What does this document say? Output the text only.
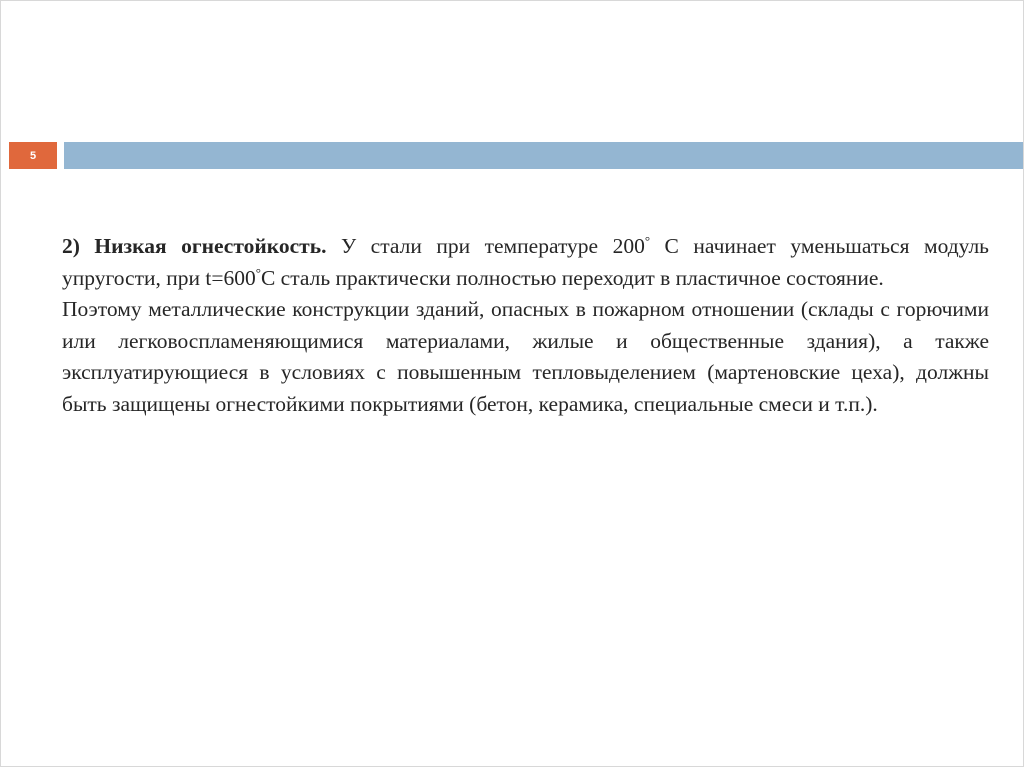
5

2) Низкая огнестойкость. У стали при температуре 200° С начинает уменьшаться модуль упругости, при t=600°С сталь практически полностью переходит в пластичное состояние.

Поэтому металлические конструкции зданий, опасных в пожарном отношении (склады с горючими или легковоспламеняющимися материалами, жилые и общественные здания), а также эксплуатирующиеся в условиях с повышенным тепловыделением (мартеновские цеха), должны быть защищены огнестойкими покрытиями (бетон, керамика, специальные смеси и т.п.).
